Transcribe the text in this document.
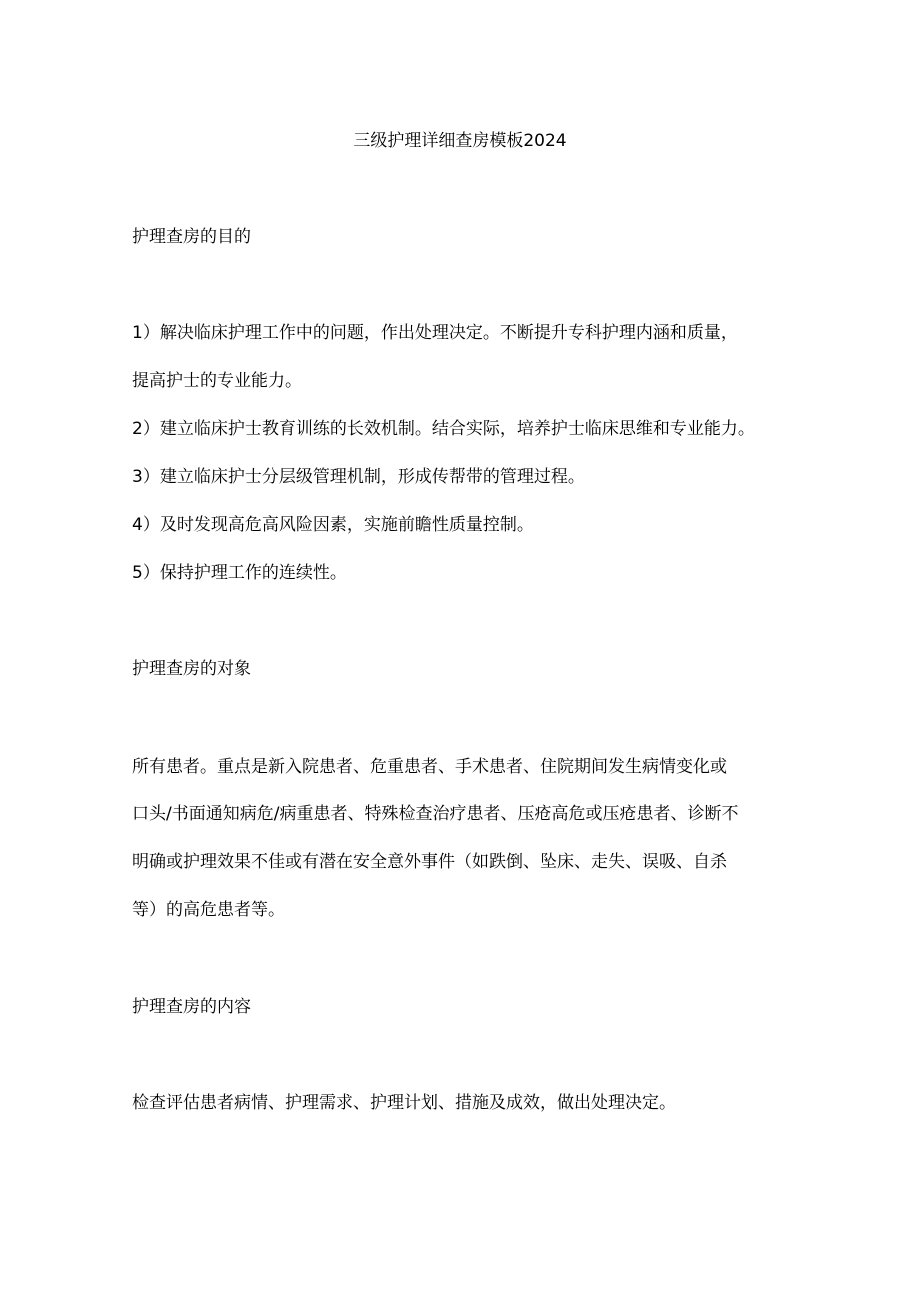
三级护理详细查房模板2024
护理查房的目的
1）解决临床护理工作中的问题，作出处理决定。不断提升专科护理内涵和质量，
提高护士的专业能力。
2）建立临床护士教育训练的长效机制。结合实际，培养护士临床思维和专业能力。
3）建立临床护士分层级管理机制，形成传帮带的管理过程。
4）及时发现高危高风险因素，实施前瞻性质量控制。
5）保持护理工作的连续性。
护理查房的对象
所有患者。重点是新入院患者、危重患者、手术患者、住院期间发生病情变化或
口头/书面通知病危/病重患者、特殊检查治疗患者、压疮高危或压疮患者、诊断不
明确或护理效果不佳或有潜在安全意外事件（如跌倒、坠床、走失、误吸、自杀
等）的高危患者等。
护理查房的内容
检查评估患者病情、护理需求、护理计划、措施及成效，做出处理决定。
